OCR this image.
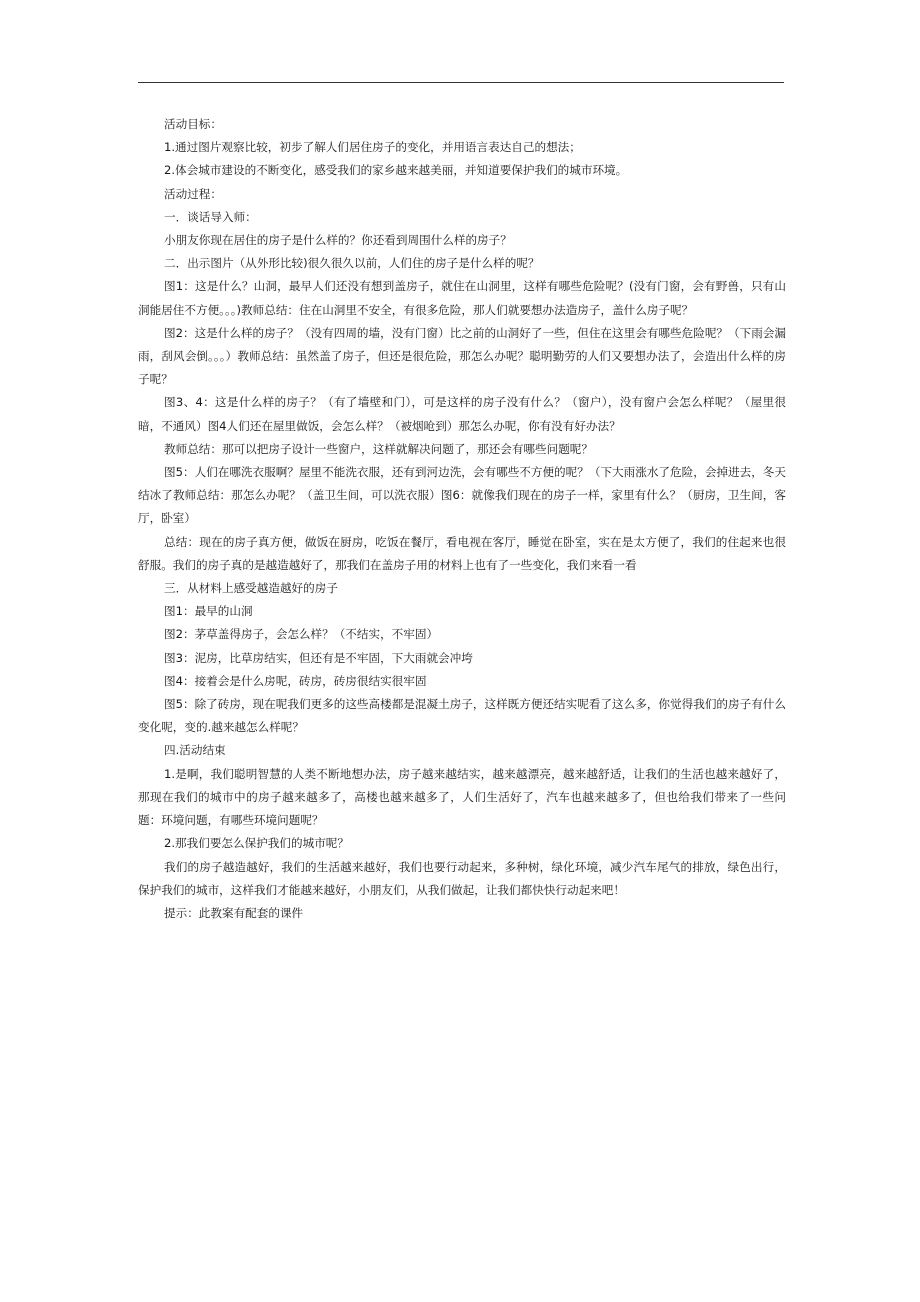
活动目标：

1.通过图片观察比较，初步了解人们居住房子的变化，并用语言表达自己的想法；

2.体会城市建设的不断变化，感受我们的家乡越来越美丽，并知道要保护我们的城市环境。

活动过程：

一．谈话导入师：

小朋友你现在居住的房子是什么样的？你还看到周围什么样的房子？

二．出示图片（从外形比较)很久很久以前，人们住的房子是什么样的呢？

图1：这是什么？山洞，最早人们还没有想到盖房子，就住在山洞里，这样有哪些危险呢？(没有门窗，会有野兽，只有山洞能居住不方便。。。)教师总结：住在山洞里不安全，有很多危险，那人们就要想办法造房子，盖什么房子呢？

图2：这是什么样的房子？（没有四周的墙，没有门窗）比之前的山洞好了一些，但住在这里会有哪些危险呢？（下雨会漏雨，刮风会倒。。。）教师总结：虽然盖了房子，但还是很危险，那怎么办呢？聪明勤劳的人们又要想办法了，会造出什么样的房子呢？

图3、4：这是什么样的房子？（有了墙壁和门），可是这样的房子没有什么？（窗户），没有窗户会怎么样呢？（屋里很暗，不通风）图4人们还在屋里做饭，会怎么样？（被烟呛到）那怎么办呢，你有没有好办法？

教师总结：那可以把房子设计一些窗户，这样就解决问题了，那还会有哪些问题呢？

图5：人们在哪洗衣服啊？屋里不能洗衣服，还有到河边洗，会有哪些不方便的呢？（下大雨涨水了危险，会掉进去，冬天结冰了教师总结：那怎么办呢？（盖卫生间，可以洗衣服）图6：就像我们现在的房子一样，家里有什么？（厨房，卫生间，客厅，卧室）

总结：现在的房子真方便，做饭在厨房，吃饭在餐厅，看电视在客厅，睡觉在卧室，实在是太方便了，我们的住起来也很舒服。我们的房子真的是越造越好了，那我们在盖房子用的材料上也有了一些变化，我们来看一看

三．从材料上感受越造越好的房子

图1：最早的山洞

图2：茅草盖得房子，会怎么样？（不结实，不牢固）

图3：泥房，比草房结实，但还有是不牢固，下大雨就会冲垮

图4：接着会是什么房呢，砖房，砖房很结实很牢固

图5：除了砖房，现在呢我们更多的这些高楼都是混凝土房子，这样既方便还结实呢看了这么多，你觉得我们的房子有什么变化呢，变的.越来越怎么样呢？

四.活动结束

1.是啊，我们聪明智慧的人类不断地想办法，房子越来越结实，越来越漂亮，越来越舒适，让我们的生活也越来越好了，那现在我们的城市中的房子越来越多了，高楼也越来越多了，人们生活好了，汽车也越来越多了，但也给我们带来了一些问题：环境问题，有哪些环境问题呢？

2.那我们要怎么保护我们的城市呢？

我们的房子越造越好，我们的生活越来越好，我们也要行动起来，多种树，绿化环境，减少汽车尾气的排放，绿色出行，保护我们的城市，这样我们才能越来越好，小朋友们，从我们做起，让我们都快快行动起来吧！

提示：此教案有配套的课件
